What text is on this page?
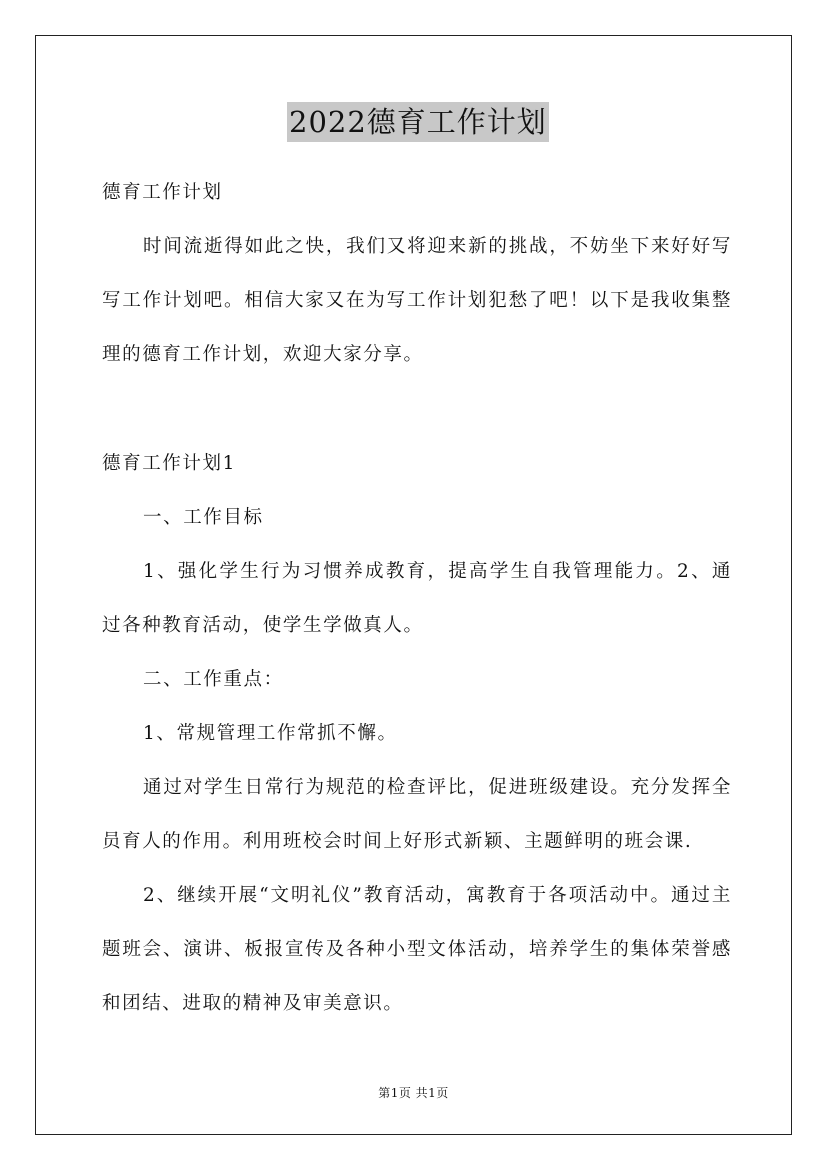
2022德育工作计划

德育工作计划

时间流逝得如此之快，我们又将迎来新的挑战，不妨坐下来好好写写工作计划吧。相信大家又在为写工作计划犯愁了吧！以下是我收集整理的德育工作计划，欢迎大家分享。

德育工作计划1

一、工作目标

1、强化学生行为习惯养成教育，提高学生自我管理能力。2、通过各种教育活动，使学生学做真人。

二、工作重点：

1、常规管理工作常抓不懈。

通过对学生日常行为规范的检查评比，促进班级建设。充分发挥全员育人的作用。利用班校会时间上好形式新颖、主题鲜明的班会课.

2、继续开展“文明礼仪”教育活动，寓教育于各项活动中。通过主题班会、演讲、板报宣传及各种小型文体活动，培养学生的集体荣誉感和团结、进取的精神及审美意识。

第1页 共1页
